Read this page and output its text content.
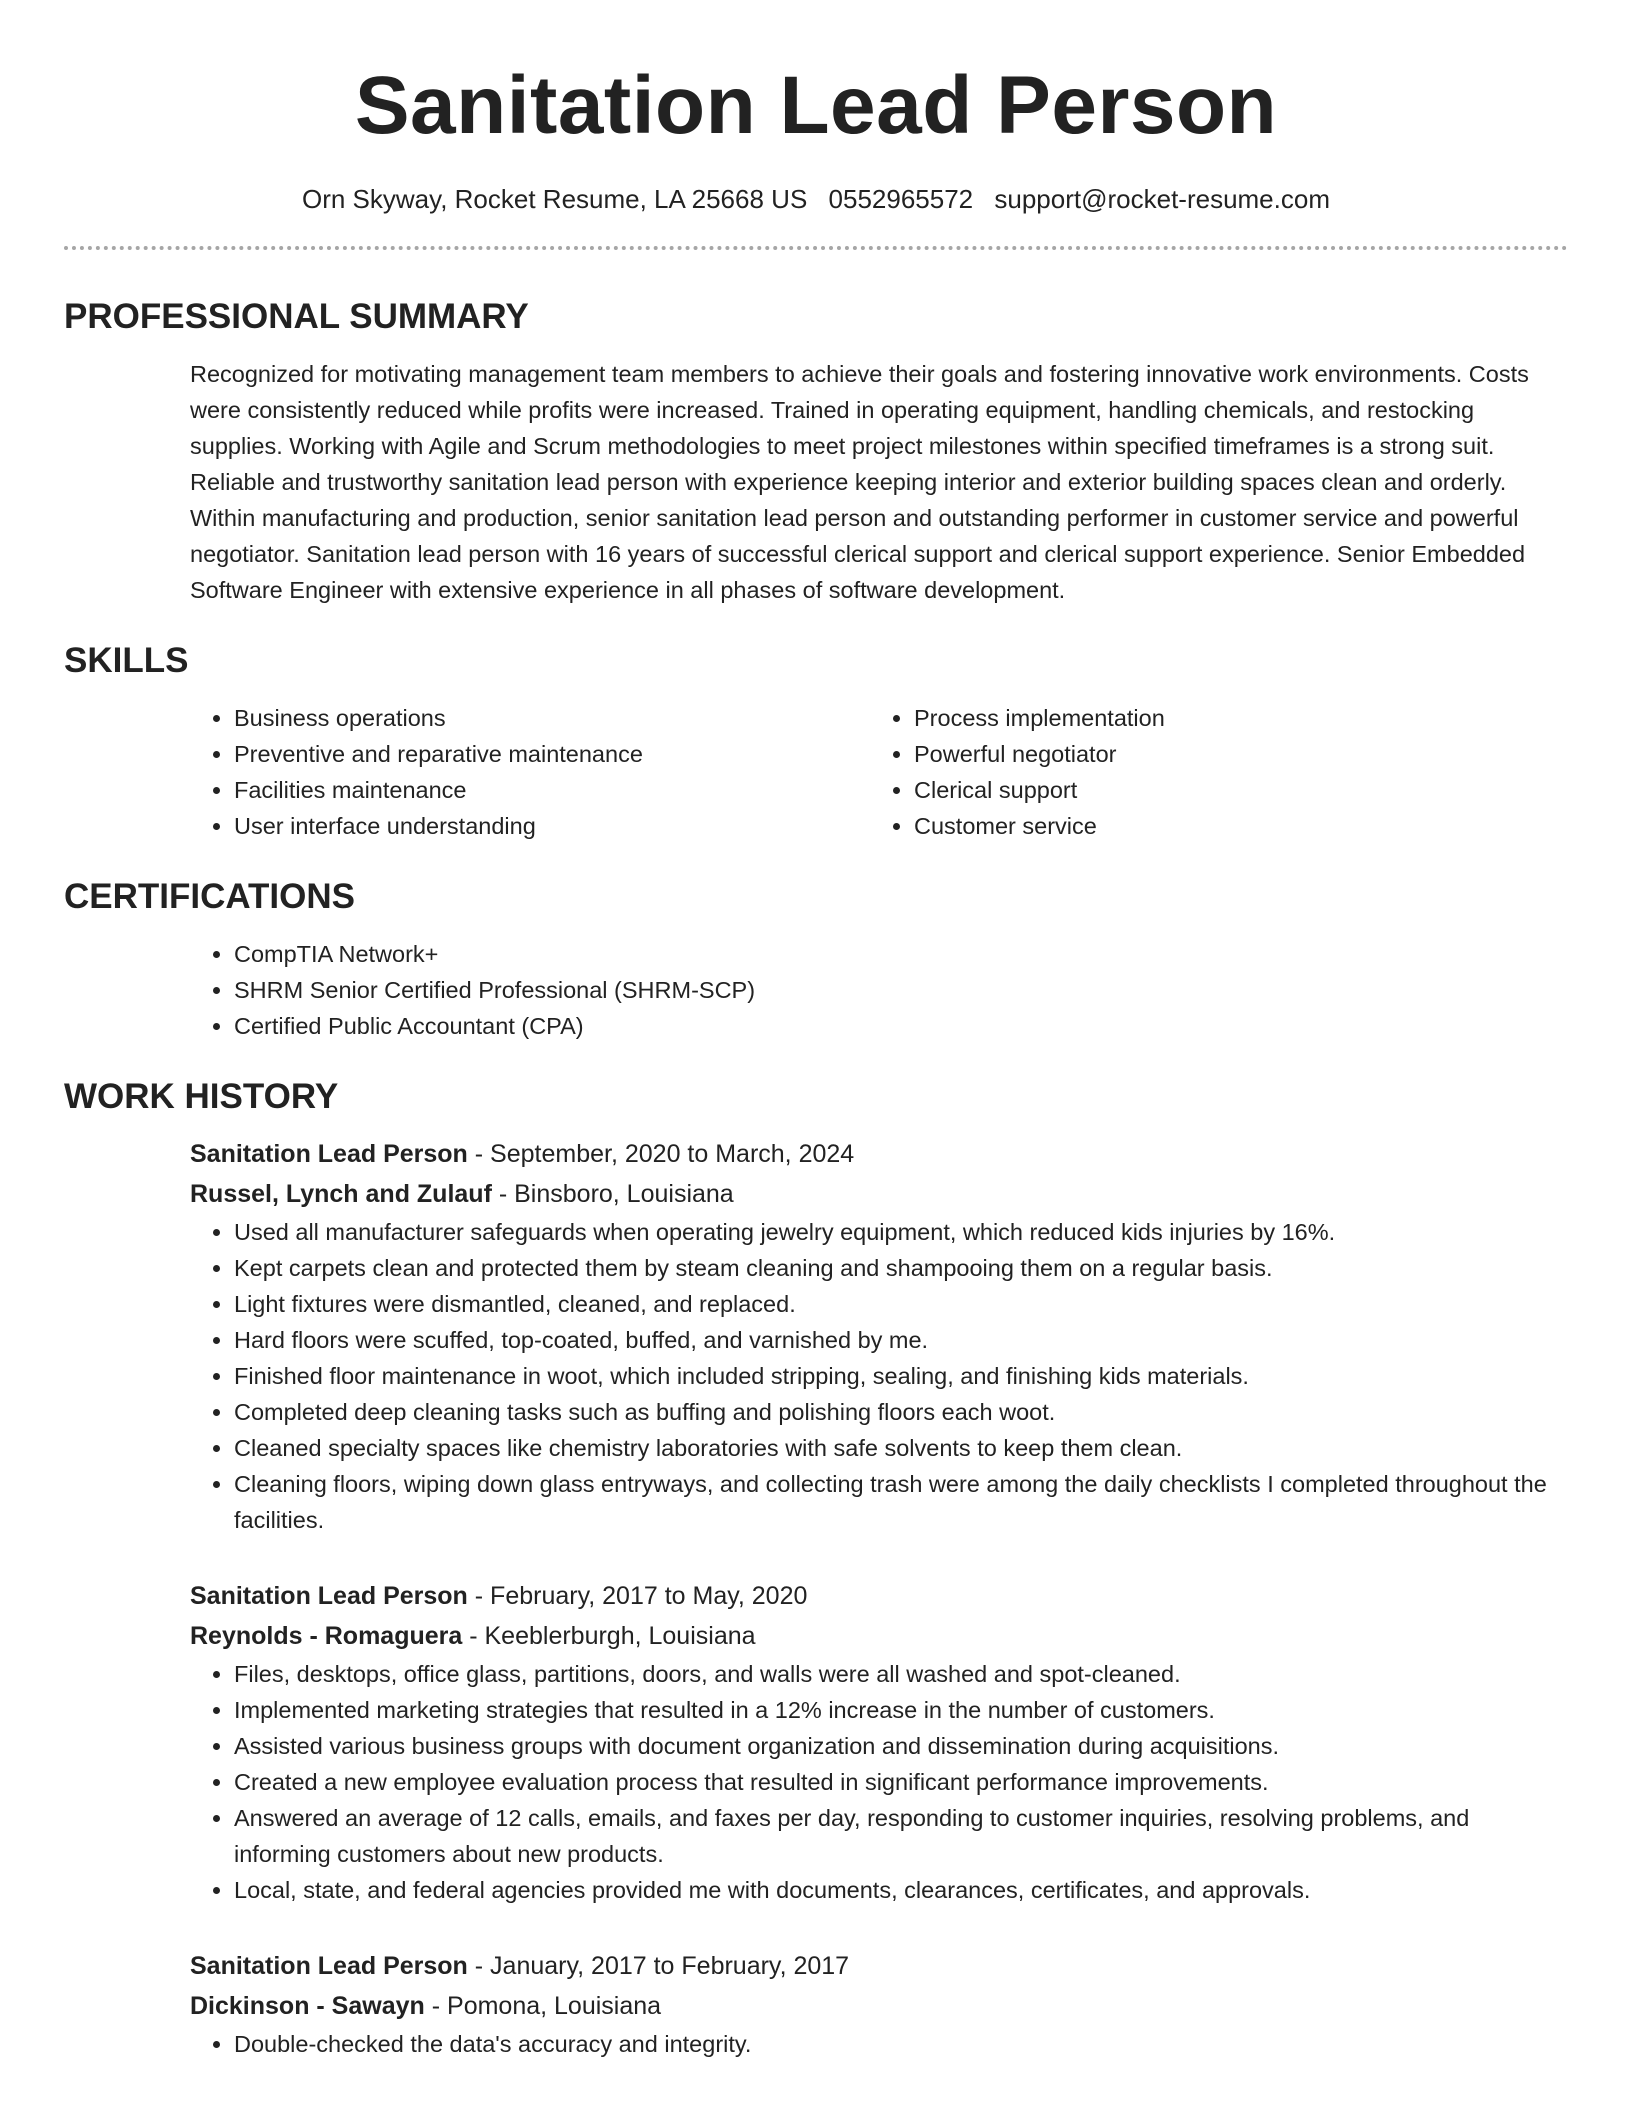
Sanitation Lead Person
Orn Skyway, Rocket Resume, LA 25668 US 0552965572 support@rocket-resume.com
PROFESSIONAL SUMMARY

Recognized for motivating management team members to achieve their goals and fostering innovative work environments. Costs were consistently reduced while profits were increased. Trained in operating equipment, handling chemicals, and restocking supplies. Working with Agile and Scrum methodologies to meet project milestones within specified timeframes is a strong suit. Reliable and trustworthy sanitation lead person with experience keeping interior and exterior building spaces clean and orderly. Within manufacturing and production, senior sanitation lead person and outstanding performer in customer service and powerful negotiator. Sanitation lead person with 16 years of successful clerical support and clerical support experience. Senior Embedded Software Engineer with extensive experience in all phases of software development.

SKILLS
• Business operations
• Preventive and reparative maintenance
• Facilities maintenance
• User interface understanding
• Process implementation
• Powerful negotiator
• Clerical support
• Customer service
CERTIFICATIONS
• CompTIA Network+
• SHRM Senior Certified Professional (SHRM-SCP)
• Certified Public Accountant (CPA)
WORK HISTORY
Sanitation Lead Person - September, 2020 to March, 2024
Russel, Lynch and Zulauf - Binsboro, Louisiana
• Used all manufacturer safeguards when operating jewelry equipment, which reduced kids injuries by 16%.
• Kept carpets clean and protected them by steam cleaning and shampooing them on a regular basis.
• Light fixtures were dismantled, cleaned, and replaced.
• Hard floors were scuffed, top-coated, buffed, and varnished by me.
• Finished floor maintenance in woot, which included stripping, sealing, and finishing kids materials.
• Completed deep cleaning tasks such as buffing and polishing floors each woot.
• Cleaned specialty spaces like chemistry laboratories with safe solvents to keep them clean.
• Cleaning floors, wiping down glass entryways, and collecting trash were among the daily checklists I completed throughout the facilities.
Sanitation Lead Person - February, 2017 to May, 2020
Reynolds - Romaguera - Keeblerburgh, Louisiana
• Files, desktops, office glass, partitions, doors, and walls were all washed and spot-cleaned.
• Implemented marketing strategies that resulted in a 12% increase in the number of customers.
• Assisted various business groups with document organization and dissemination during acquisitions.
• Created a new employee evaluation process that resulted in significant performance improvements.
• Answered an average of 12 calls, emails, and faxes per day, responding to customer inquiries, resolving problems, and informing customers about new products.
• Local, state, and federal agencies provided me with documents, clearances, certificates, and approvals.
Sanitation Lead Person - January, 2017 to February, 2017
Dickinson - Sawayn - Pomona, Louisiana
• Double-checked the data's accuracy and integrity.
